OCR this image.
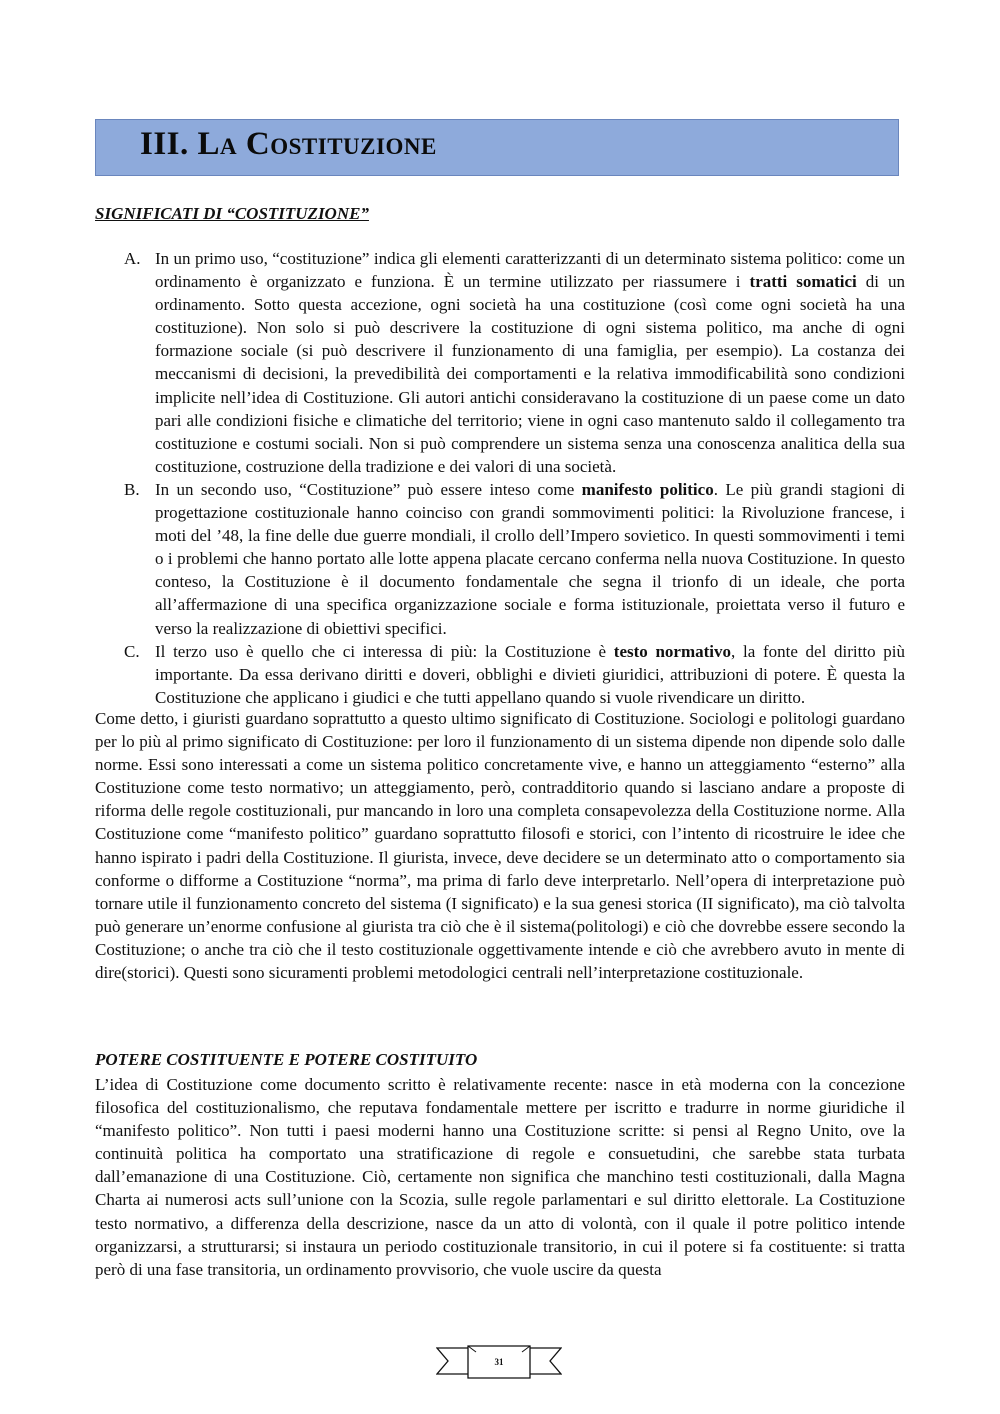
III. La Costituzione
SIGNIFICATI DI “COSTITUZIONE”
A. In un primo uso, “costituzione” indica gli elementi caratterizzanti di un determinato sistema politico: come un ordinamento è organizzato e funziona. È un termine utilizzato per riassumere i tratti somatici di un ordinamento. Sotto questa accezione, ogni società ha una costituzione (così come ogni società ha una costituzione). Non solo si può descrivere la costituzione di ogni sistema politico, ma anche di ogni formazione sociale (si può descrivere il funzionamento di una famiglia, per esempio). La costanza dei meccanismi di decisioni, la prevedibilità dei comportamenti e la relativa immodificabilità sono condizioni implicite nell’idea di Costituzione. Gli autori antichi consideravano la costituzione di un paese come un dato pari alle condizioni fisiche e climatiche del territorio; viene in ogni caso mantenuto saldo il collegamento tra costituzione e costumi sociali. Non si può comprendere un sistema senza una conoscenza analitica della sua costituzione, costruzione della tradizione e dei valori di una società.
B. In un secondo uso, “Costituzione” può essere inteso come manifesto politico. Le più grandi stagioni di progettazione costituzionale hanno coinciso con grandi sommovimenti politici: la Rivoluzione francese, i moti del ’48, la fine delle due guerre mondiali, il crollo dell’Impero sovietico. In questi sommovimenti i temi o i problemi che hanno portato alle lotte appena placate cercano conferma nella nuova Costituzione. In questo conteso, la Costituzione è il documento fondamentale che segna il trionfo di un ideale, che porta all’affermazione di una specifica organizzazione sociale e forma istituzionale, proiettata verso il futuro e verso la realizzazione di obiettivi specifici.
C. Il terzo uso è quello che ci interessa di più: la Costituzione è testo normativo, la fonte del diritto più importante. Da essa derivano diritti e doveri, obblighi e divieti giuridici, attribuzioni di potere. È questa la Costituzione che applicano i giudici e che tutti appellano quando si vuole rivendicare un diritto.

Come detto, i giuristi guardano soprattutto a questo ultimo significato di Costituzione. Sociologi e politologi guardano per lo più al primo significato di Costituzione: per loro il funzionamento di un sistema dipende non dipende solo dalle norme. Essi sono interessati a come un sistema politico concretamente vive, e hanno un atteggiamento “esterno” alla Costituzione come testo normativo; un atteggiamento, però, contradditorio quando si lasciano andare a proposte di riforma delle regole costituzionali, pur mancando in loro una completa consapevolezza della Costituzione norme. Alla Costituzione come “manifesto politico” guardano soprattutto filosofi e storici, con l’intento di ricostruire le idee che hanno ispirato i padri della Costituzione. Il giurista, invece, deve decidere se un determinato atto o comportamento sia conforme o difforme a Costituzione “norma”, ma prima di farlo deve interpretarlo. Nell’opera di interpretazione può tornare utile il funzionamento concreto del sistema (I significato) e la sua genesi storica (II significato), ma ciò talvolta può generare un’enorme confusione al giurista tra ciò che è il sistema(politologi) e ciò che dovrebbe essere secondo la Costituzione; o anche tra ciò che il testo costituzionale oggettivamente intende e ciò che avrebbero avuto in mente di dire(storici). Questi sono sicuramenti problemi metodologici centrali nell’interpretazione costituzionale.

POTERE COSTITUENTE E POTERE COSTITUITO

L’idea di Costituzione come documento scritto è relativamente recente: nasce in età moderna con la concezione filosofica del costituzionalismo, che reputava fondamentale mettere per iscritto e tradurre in norme giuridiche il “manifesto politico”. Non tutti i paesi moderni hanno una Costituzione scritte: si pensi al Regno Unito, ove la continuità politica ha comportato una stratificazione di regole e consuetudini, che sarebbe stata turbata dall’emanazione di una Costituzione. Ciò, certamente non significa che manchino testi costituzionali, dalla Magna Charta ai numerosi acts sull’unione con la Scozia, sulle regole parlamentari e sul diritto elettorale. La Costituzione testo normativo, a differenza della descrizione, nasce da un atto di volontà, con il quale il potre politico intende organizzarsi, a strutturarsi; si instaura un periodo costituzionale transitorio, in cui il potere si fa costituente: si tratta però di una fase transitoria, un ordinamento provvisorio, che vuole uscire da questa

31
